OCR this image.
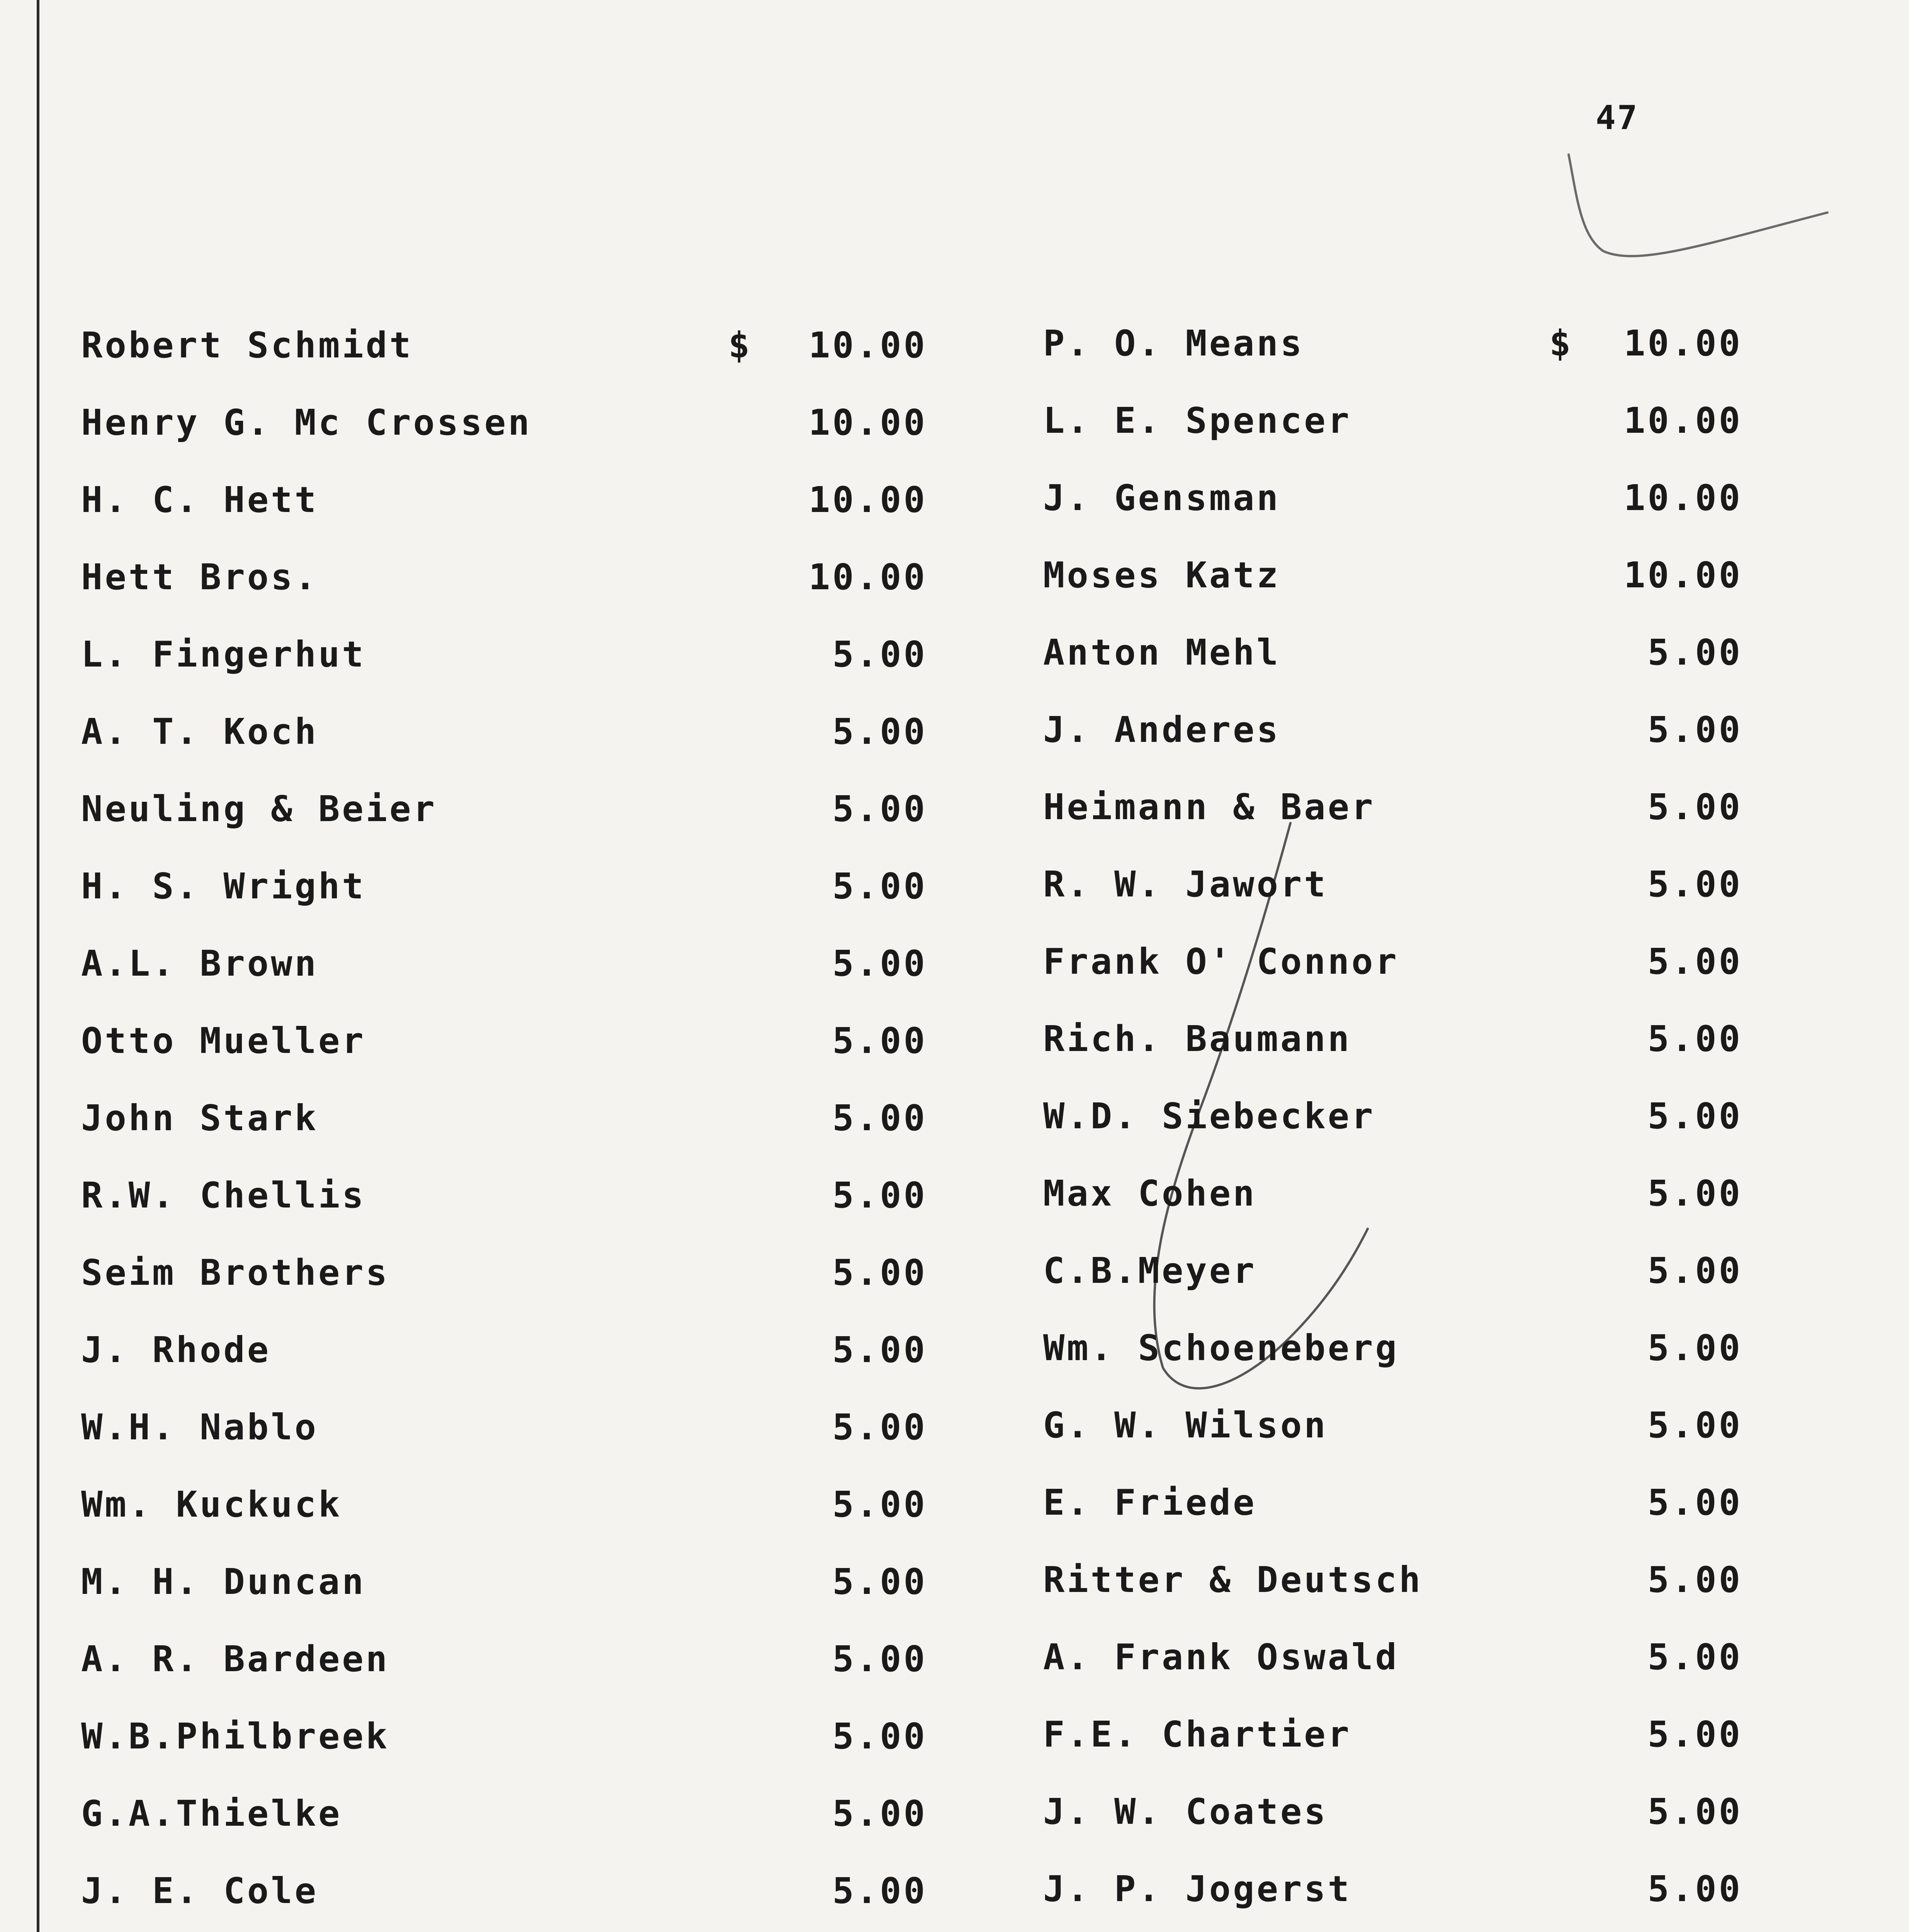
47
Robert Schmidt	$ 10.00
Henry G. Mc Crossen	10.00
H. C. Hett	10.00
Hett Bros.	10.00
L. Fingerhut	5.00
A. T. Koch	5.00
Neuling & Beier	5.00
H. S. Wright	5.00
A.L. Brown	5.00
Otto Mueller	5.00
John Stark	5.00
R.W. Chellis	5.00
Seim Brothers	5.00
J. Rhode	5.00
W.H. Nablo	5.00
Wm. Kuckuck	5.00
M. H. Duncan	5.00
A. R. Bardeen	5.00
W.B.Philbreek	5.00
G.A.Thielke	5.00
J. E. Cole	5.00
P. O. Means	$ 10.00
L. E. Spencer	10.00
J. Gensman	10.00
Moses Katz	10.00
Anton Mehl	5.00
J. Anderes	5.00
Heimann & Baer	5.00
R. W. Jawort	5.00
Frank O' Connor	5.00
Rich. Baumann	5.00
W.D. Siebecker	5.00
Max Cohen	5.00
C.B.Meyer	5.00
Wm. Schoeneberg	5.00
G. W. Wilson	5.00
E. Friede	5.00
Ritter & Deutsch	5.00
A. Frank Oswald	5.00
F.E. Chartier	5.00
J. W. Coates	5.00
J. P. Jogerst	5.00
